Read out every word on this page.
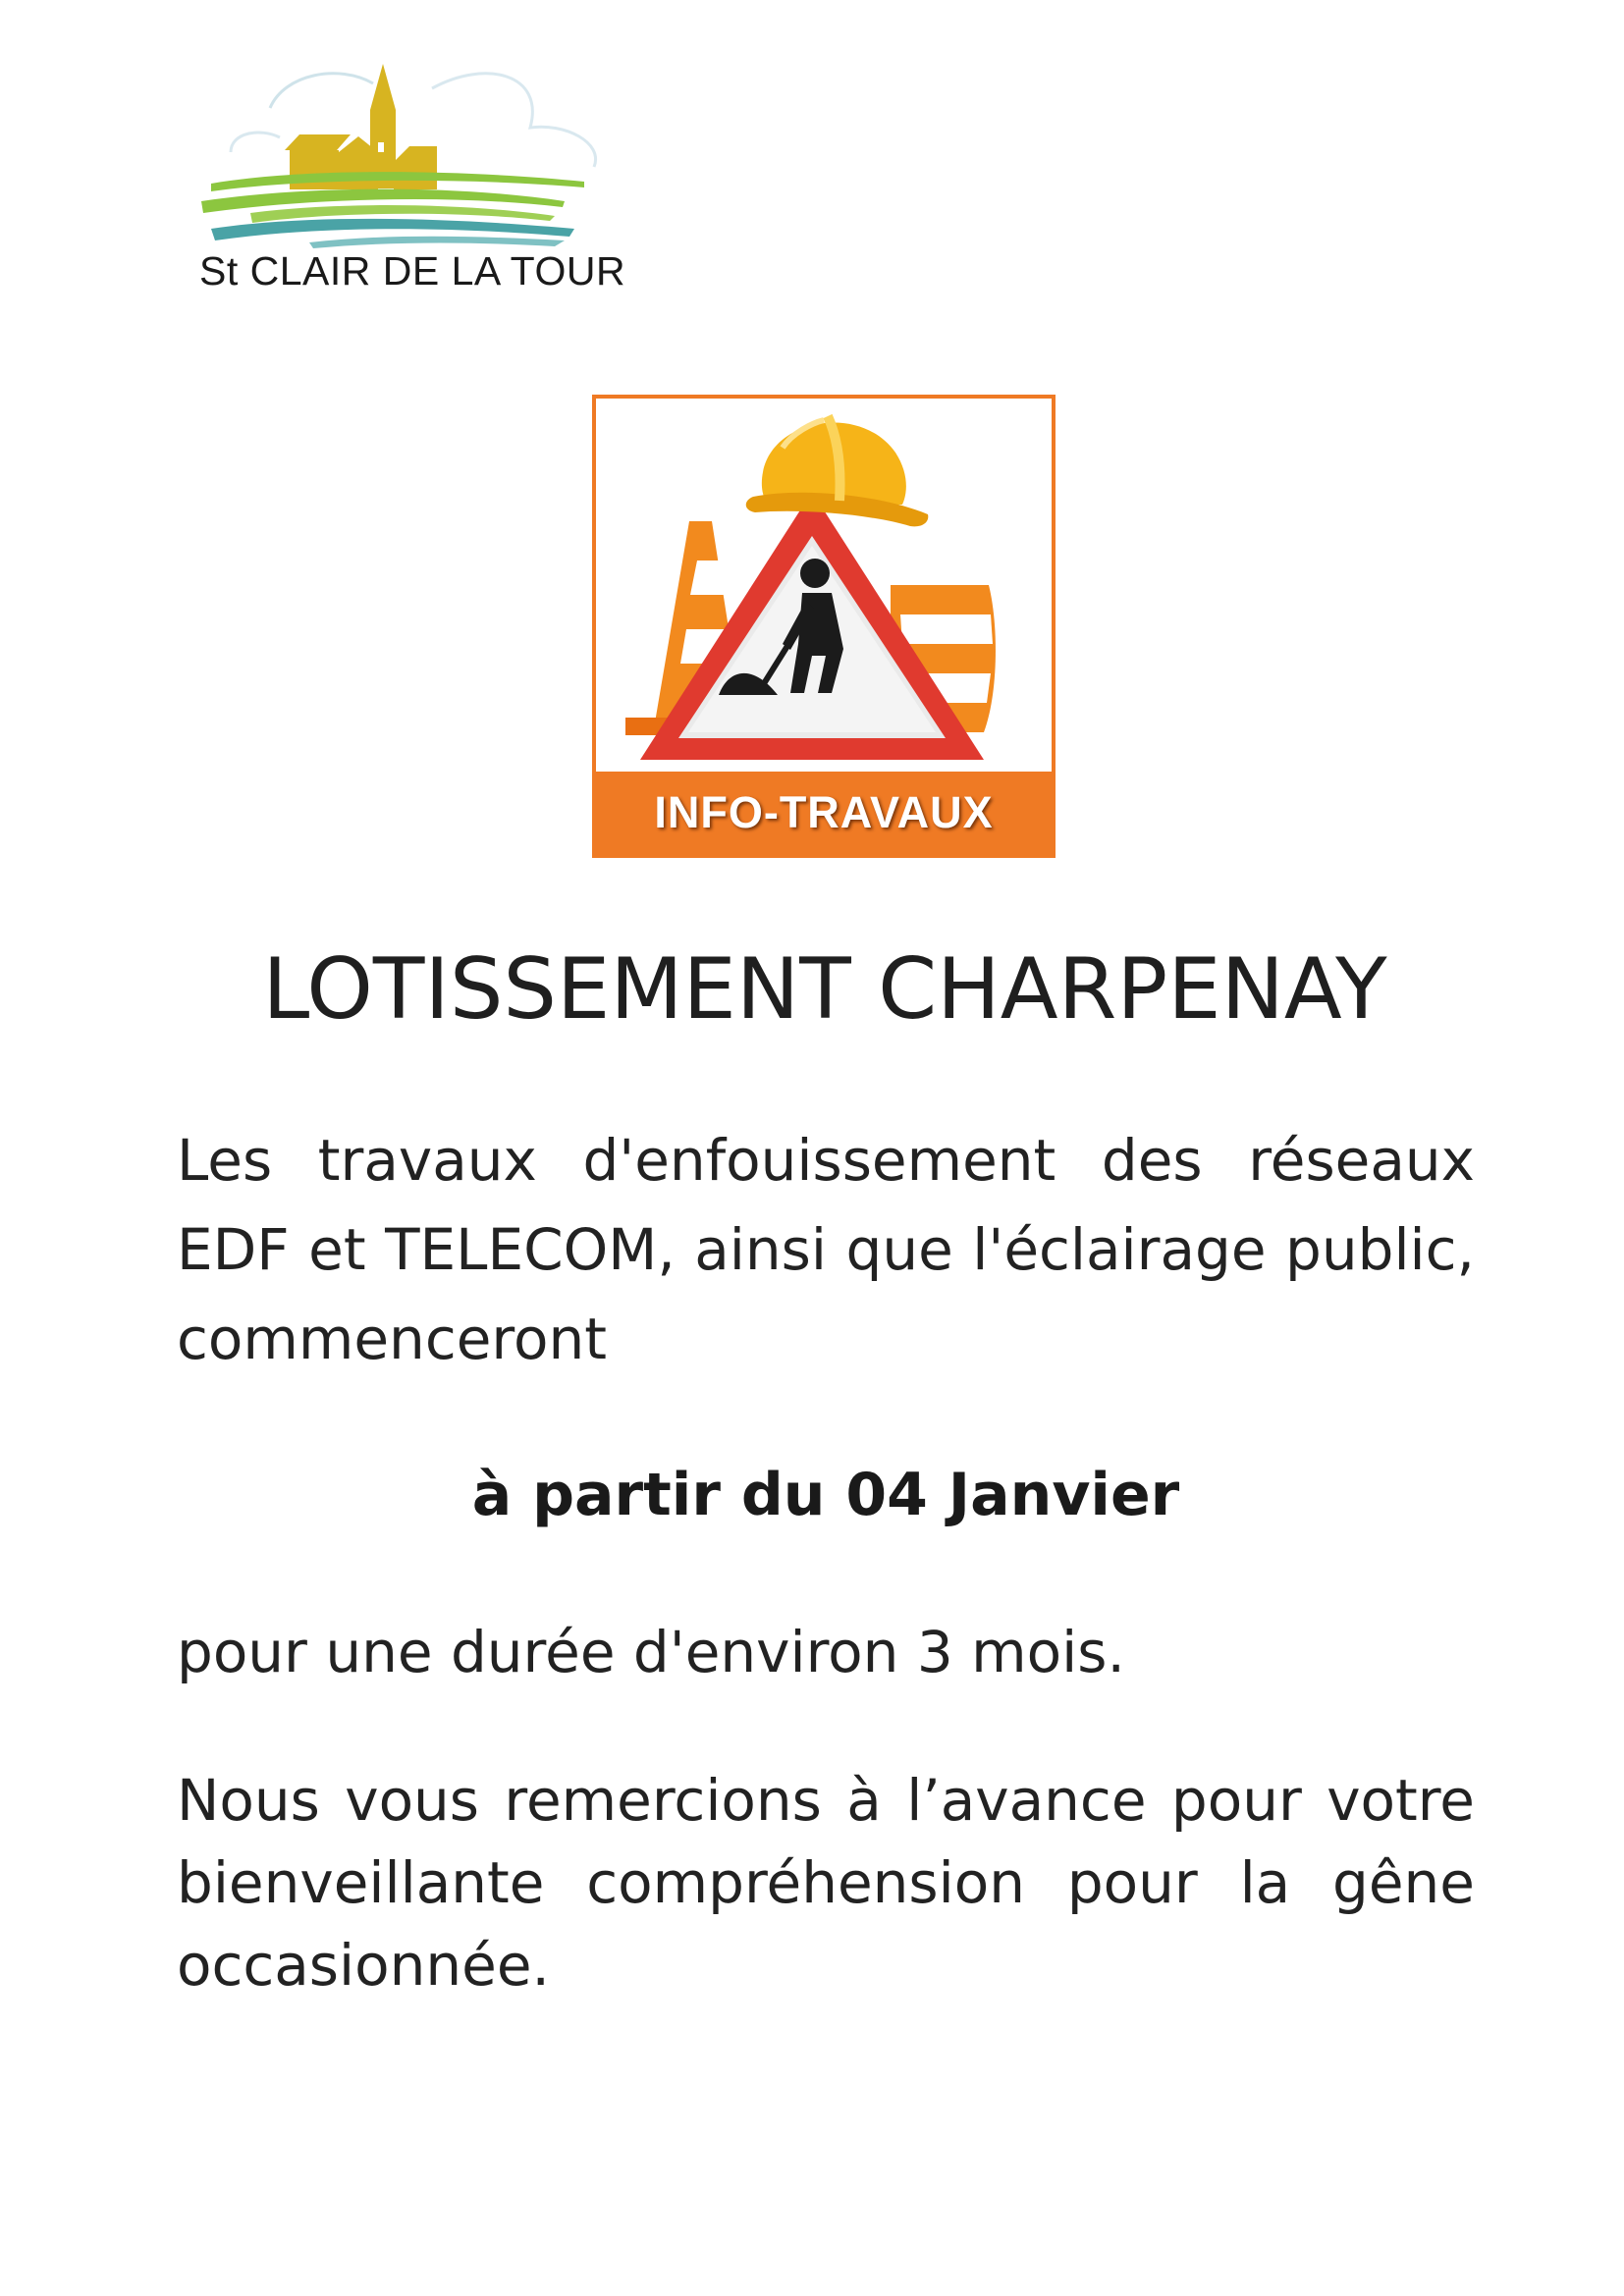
St CLAIR DE LA TOUR
INFO-TRAVAUX
LOTISSEMENT CHARPENAY

Les travaux d'enfouissement des réseaux EDF et TELECOM, ainsi que l'éclairage public, commenceront

à partir du 04 Janvier

pour une durée d'environ 3 mois.

Nous vous remercions à l’avance pour votre bienveillante compréhension pour la gêne occasionnée.
